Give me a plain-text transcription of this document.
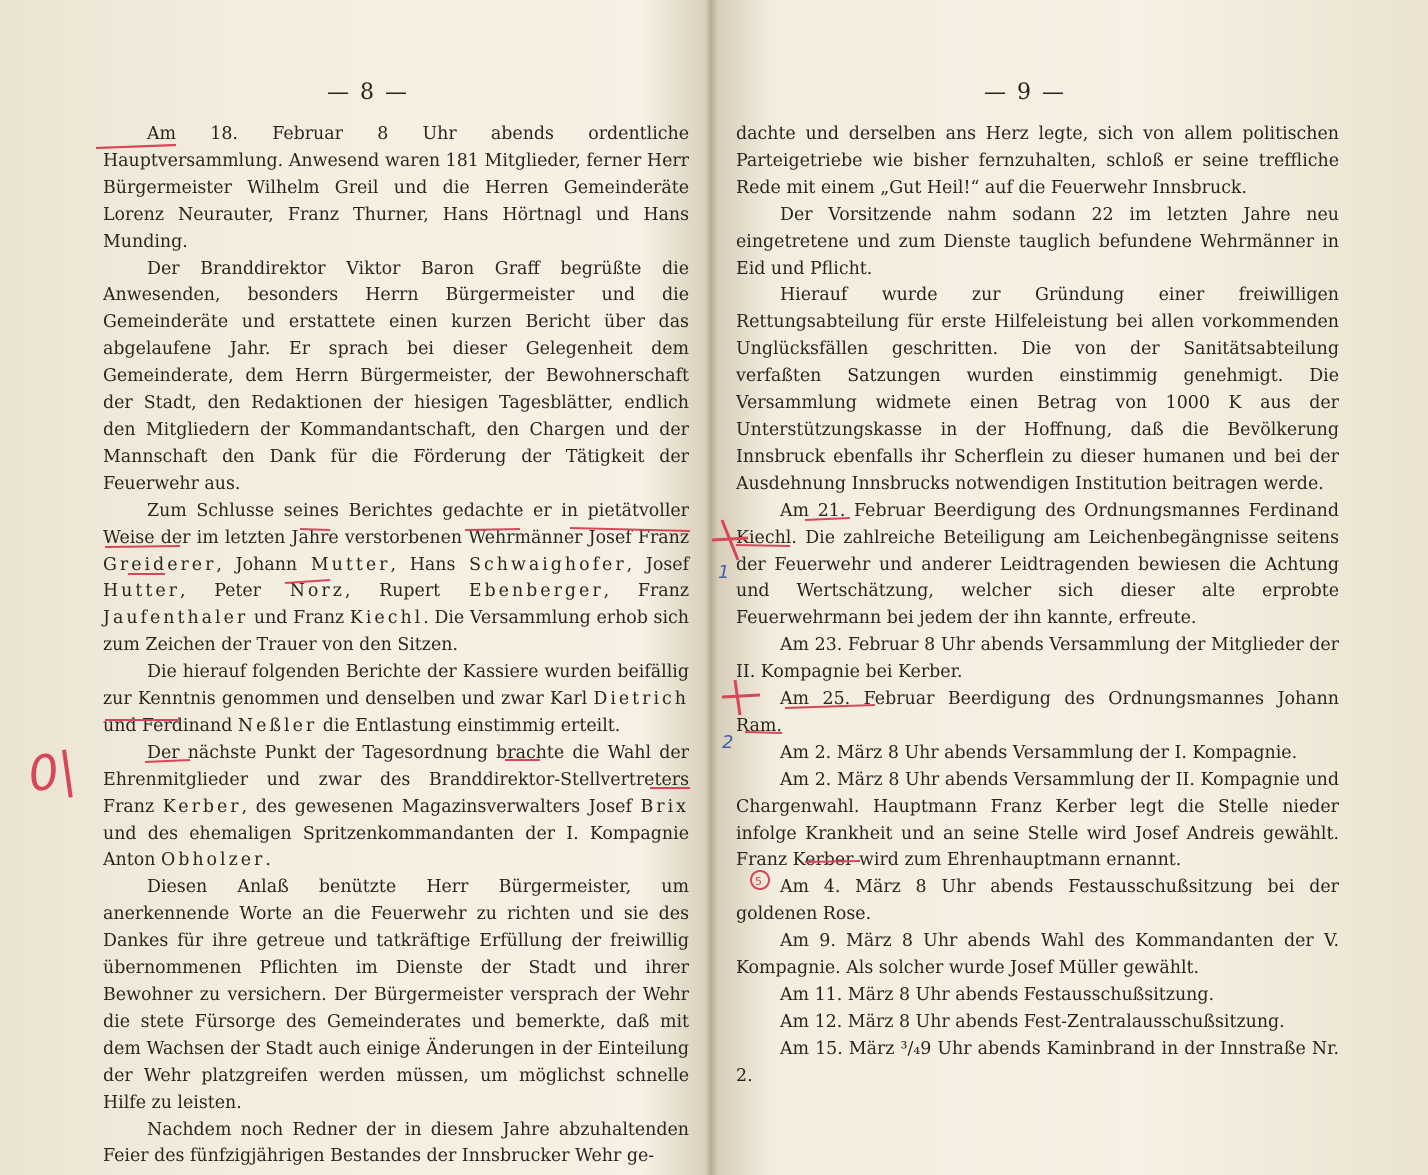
— 8 —

Am 18. Februar 8 Uhr abends ordentliche Hauptversammlung. Anwesend waren 181 Mitglieder, ferner Herr Bürgermeister Wilhelm Greil und die Herren Gemeinderäte Lorenz Neurauter, Franz Thurner, Hans Hörtnagl und Hans Munding.

Der Branddirektor Viktor Baron Graff begrüßte die Anwesenden, besonders Herrn Bürgermeister und die Gemeinderäte und erstattete einen kurzen Bericht über das abgelaufene Jahr. Er sprach bei dieser Gelegenheit dem Gemeinderate, dem Herrn Bürgermeister, der Bewohnerschaft der Stadt, den Redaktionen der hiesigen Tagesblätter, endlich den Mitgliedern der Kommandantschaft, den Chargen und der Mannschaft den Dank für die Förderung der Tätigkeit der Feuerwehr aus.

Zum Schlusse seines Berichtes gedachte er in pietätvoller Weise der im letzten Jahre verstorbenen Wehrmänner Josef Franz Greiderer, Johann Mutter, Hans Schwaighofer, Josef Hutter, Peter Norz, Rupert Ebenberger, Franz Jaufenthaler und Franz Kiechl. Die Versammlung erhob sich zum Zeichen der Trauer von den Sitzen.

Die hierauf folgenden Berichte der Kassiere wurden beifällig zur Kenntnis genommen und denselben und zwar Karl Dietrich und Ferdinand Neßler die Entlastung einstimmig erteilt.

Der nächste Punkt der Tagesordnung brachte die Wahl der Ehrenmitglieder und zwar des Branddirektor-Stellvertreters Franz Kerber, des gewesenen Magazinsverwalters Josef Brix und des ehemaligen Spritzenkommandanten der I. Kompagnie Anton Obholzer.

Diesen Anlaß benützte Herr Bürgermeister, um anerkennende Worte an die Feuerwehr zu richten und sie des Dankes für ihre getreue und tatkräftige Erfüllung der freiwillig übernommenen Pflichten im Dienste der Stadt und ihrer Bewohner zu versichern. Der Bürgermeister versprach der Wehr die stete Fürsorge des Gemeinderates und bemerkte, daß mit dem Wachsen der Stadt auch einige Änderungen in der Einteilung der Wehr platzgreifen werden müssen, um möglichst schnelle Hilfe zu leisten.

Nachdem noch Redner der in diesem Jahre abzuhaltenden Feier des fünfzigjährigen Bestandes der Innsbrucker Wehr ge-

— 9 —

dachte und derselben ans Herz legte, sich von allem politischen Parteigetriebe wie bisher fernzuhalten, schloß er seine treffliche Rede mit einem „Gut Heil!“ auf die Feuerwehr Innsbruck.

Der Vorsitzende nahm sodann 22 im letzten Jahre neu eingetretene und zum Dienste tauglich befundene Wehrmänner in Eid und Pflicht.

Hierauf wurde zur Gründung einer freiwilligen Rettungsabteilung für erste Hilfeleistung bei allen vorkommenden Unglücksfällen geschritten. Die von der Sanitätsabteilung verfaßten Satzungen wurden einstimmig genehmigt. Die Versammlung widmete einen Betrag von 1000 K aus der Unterstützungskasse in der Hoffnung, daß die Bevölkerung Innsbruck ebenfalls ihr Scherflein zu dieser humanen und bei der Ausdehnung Innsbrucks notwendigen Institution beitragen werde.

Am 21. Februar Beerdigung des Ordnungsmannes Ferdinand Kiechl. Die zahlreiche Beteiligung am Leichenbegängnisse seitens der Feuerwehr und anderer Leidtragenden bewiesen die Achtung und Wertschätzung, welcher sich dieser alte erprobte Feuerwehrmann bei jedem der ihn kannte, erfreute.

Am 23. Februar 8 Uhr abends Versammlung der Mitglieder der II. Kompagnie bei Kerber.

Am 25. Februar Beerdigung des Ordnungsmannes Johann Ram.

Am 2. März 8 Uhr abends Versammlung der I. Kompagnie.

Am 2. März 8 Uhr abends Versammlung der II. Kompagnie und Chargenwahl. Hauptmann Franz Kerber legt die Stelle nieder infolge Krankheit und an seine Stelle wird Josef Andreis gewählt. Franz Kerber wird zum Ehrenhauptmann ernannt.

Am 4. März 8 Uhr abends Festausschußsitzung bei der goldenen Rose.

Am 9. März 8 Uhr abends Wahl des Kommandanten der V. Kompagnie. Als solcher wurde Josef Müller gewählt.

Am 11. März 8 Uhr abends Festausschußsitzung.

Am 12. März 8 Uhr abends Fest-Zentralausschußsitzung.

Am 15. März ³/₄9 Uhr abends Kaminbrand in der Innstraße Nr. 2.

0|
5
1
2
